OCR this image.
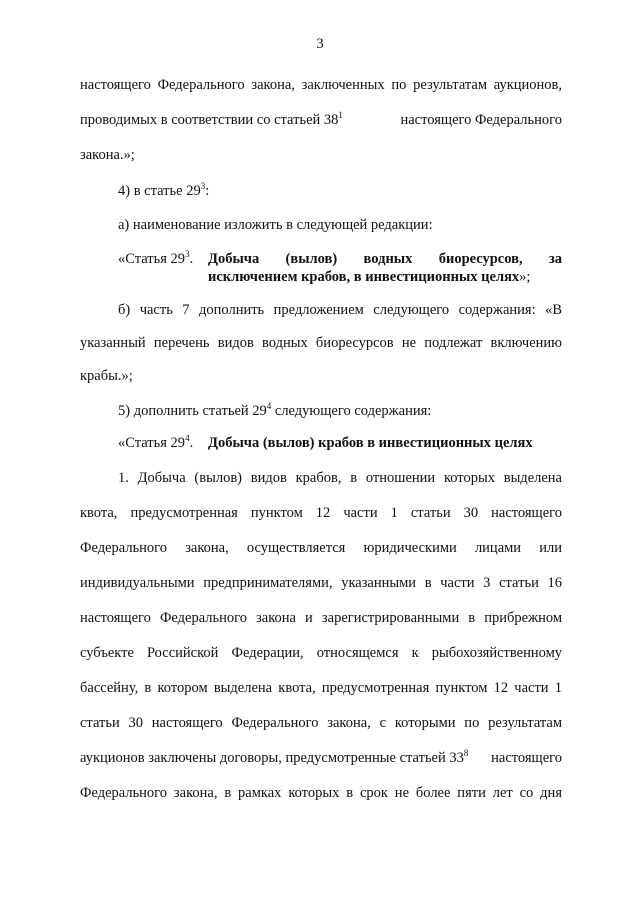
3
настоящего Федерального закона, заключенных по результатам аукционов,
проводимых в соответствии со статьей $38^1$	настоящего Федерального
закона.»;
4) в статье $29^3$:
а) наименование изложить в следующей редакции:
«Статья $29^3$. Добыча (вылов) водных биоресурсов, за
исключением крабов, в инвестиционных целях»;
б) часть 7 дополнить предложением следующего содержания: «В
указанный перечень видов водных биоресурсов не подлежат включению
крабы.»;
5) дополнить статьей $29^4$ следующего содержания:
«Статья $29^4$. Добыча (вылов) крабов в инвестиционных целях
1. Добыча (вылов) видов крабов, в отношении которых выделена
квота, предусмотренная пунктом 12 части 1 статьи 30 настоящего
Федерального закона, осуществляется юридическими лицами или
индивидуальными предпринимателями, указанными в части 3 статьи 16
настоящего Федерального закона и зарегистрированными в прибрежном
субъекте Российской Федерации, относящемся к рыбохозяйственному
бассейну, в котором выделена квота, предусмотренная пунктом 12 части 1
статьи 30 настоящего Федерального закона, с которыми по результатам
аукционов заключены договоры, предусмотренные статьей $33^8$ настоящего
Федерального закона, в рамках которых в срок не более пяти лет со дня
